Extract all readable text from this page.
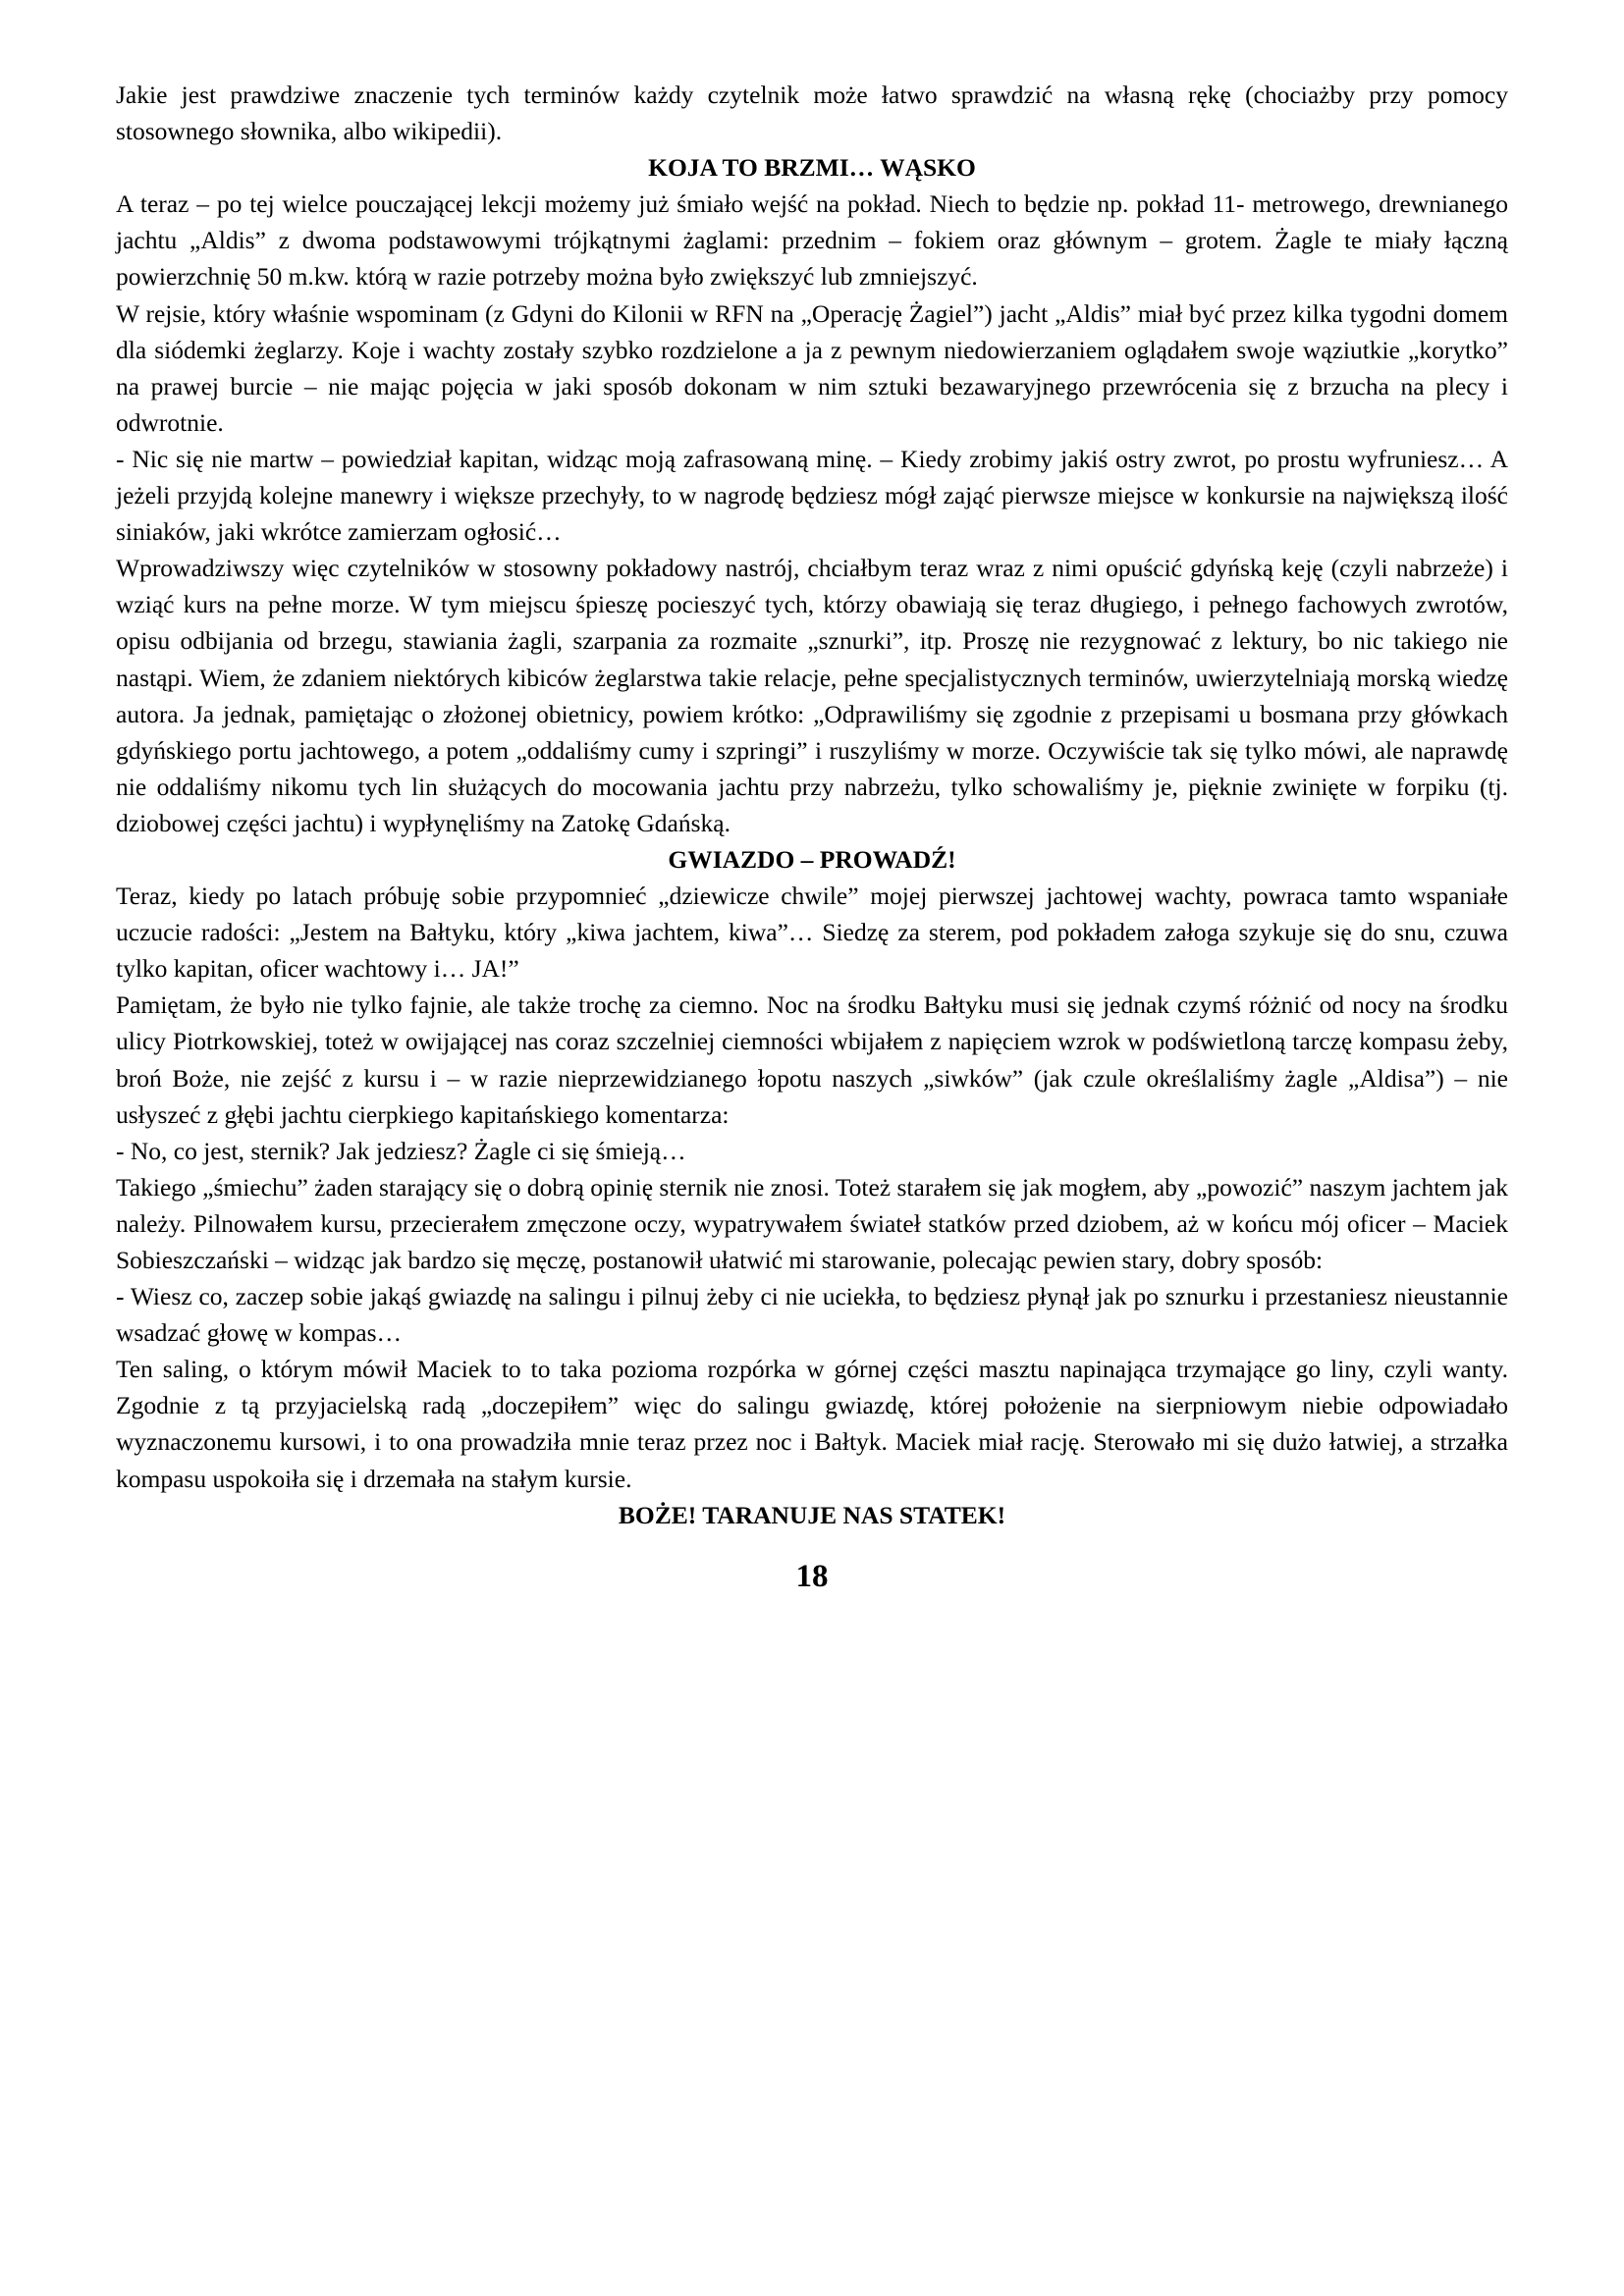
Jakie jest prawdziwe znaczenie tych terminów każdy czytelnik może łatwo sprawdzić na własną rękę (chociażby przy pomocy stosownego słownika, albo wikipedii).

KOJA TO BRZMI… WĄSKO

A teraz – po tej wielce pouczającej lekcji możemy już śmiało wejść na pokład. Niech to będzie np. pokład 11- metrowego, drewnianego jachtu „Aldis” z dwoma podstawowymi trójkątnymi żaglami: przednim – fokiem oraz głównym – grotem. Żagle te miały łączną powierzchnię 50 m.kw. którą w razie potrzeby można było zwiększyć lub zmniejszyć.

W rejsie, który właśnie wspominam (z Gdyni do Kilonii w RFN na „Operację Żagiel”) jacht „Aldis” miał być przez kilka tygodni domem dla siódemki żeglarzy. Koje i wachty zostały szybko rozdzielone a ja z pewnym niedowierzaniem oglądałem swoje wąziutkie „korytko” na prawej burcie – nie mając pojęcia w jaki sposób dokonam w nim sztuki bezawaryjnego przewrócenia się z brzucha na plecy i odwrotnie.

- Nic się nie martw – powiedział kapitan, widząc moją zafrasowaną minę. – Kiedy zrobimy jakiś ostry zwrot, po prostu wyfruniesz… A jeżeli przyjdą kolejne manewry i większe przechyły, to w nagrodę będziesz mógł zająć pierwsze miejsce w konkursie na największą ilość siniaków, jaki wkrótce zamierzam ogłosić…

Wprowadziwszy więc czytelników w stosowny pokładowy nastrój, chciałbym teraz wraz z nimi opuścić gdyńską keję (czyli nabrzeże) i wziąć kurs na pełne morze. W tym miejscu śpieszę pocieszyć tych, którzy obawiają się teraz długiego, i pełnego fachowych zwrotów, opisu odbijania od brzegu, stawiania żagli, szarpania za rozmaite „sznurki”, itp. Proszę nie rezygnować z lektury, bo nic takiego nie nastąpi. Wiem, że zdaniem niektórych kibiców żeglarstwa takie relacje, pełne specjalistycznych terminów, uwierzytelniają morską wiedzę autora. Ja jednak, pamiętając o złożonej obietnicy, powiem krótko: „Odprawiliśmy się zgodnie z przepisami u bosmana przy główkach gdyńskiego portu jachtowego, a potem „oddaliśmy cumy i szpringi” i ruszyliśmy w morze. Oczywiście tak się tylko mówi, ale naprawdę nie oddaliśmy nikomu tych lin służących do mocowania jachtu przy nabrzeżu, tylko schowaliśmy je, pięknie zwinięte w forpiku (tj. dziobowej części jachtu) i wypłynęliśmy na Zatokę Gdańską.

GWIAZDO – PROWADŹ!

Teraz, kiedy po latach próbuję sobie przypomnieć „dziewicze chwile” mojej pierwszej jachtowej wachty, powraca tamto wspaniałe uczucie radości: „Jestem na Bałtyku, który „kiwa jachtem, kiwa”… Siedzę za sterem, pod pokładem załoga szykuje się do snu, czuwa tylko kapitan, oficer wachtowy i… JA!”

Pamiętam, że było nie tylko fajnie, ale także trochę za ciemno. Noc na środku Bałtyku musi się jednak czymś różnić od nocy na środku ulicy Piotrkowskiej, toteż w owijającej nas coraz szczelniej ciemności wbijałem z napięciem wzrok w podświetloną tarczę kompasu żeby, broń Boże, nie zejść z kursu i – w razie nieprzewidzianego łopotu naszych „siwków” (jak czule określaliśmy żagle „Aldisa”) – nie usłyszeć z głębi jachtu cierpkiego kapitańskiego komentarza:

- No, co jest, sternik? Jak jedziesz? Żagle ci się śmieją…

Takiego „śmiechu” żaden starający się o dobrą opinię sternik nie znosi. Toteż starałem się jak mogłem, aby „powozić” naszym jachtem jak należy. Pilnowałem kursu, przecierałem zmęczone oczy, wypatrywałem świateł statków przed dziobem, aż w końcu mój oficer – Maciek Sobieszczański – widząc jak bardzo się męczę, postanowił ułatwić mi starowanie, polecając pewien stary, dobry sposób:

- Wiesz co, zaczep sobie jakąś gwiazdę na salingu i pilnuj żeby ci nie uciekła, to będziesz płynął jak po sznurku i przestaniesz nieustannie wsadzać głowę w kompas…

Ten saling, o którym mówił Maciek to to taka pozioma rozpórka w górnej części masztu napinająca trzymające go liny, czyli wanty. Zgodnie z tą przyjacielską radą „doczepiłem” więc do salingu gwiazdę, której położenie na sierpniowym niebie odpowiadało wyznaczonemu kursowi, i to ona prowadziła mnie teraz przez noc i Bałtyk. Maciek miał rację. Sterowało mi się dużo łatwiej, a strzałka kompasu uspokoiła się i drzemała na stałym kursie.

BOŻE! TARANUJE NAS STATEK!

18
